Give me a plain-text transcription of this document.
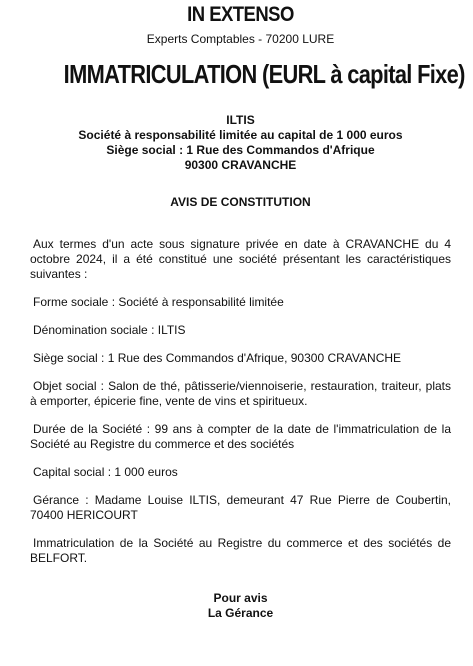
IN EXTENSO
Experts Comptables - 70200 LURE
IMMATRICULATION (EURL à capital Fixe)
ILTIS
Société à responsabilité limitée au capital de 1 000 euros
Siège social : 1 Rue des Commandos d'Afrique
90300 CRAVANCHE
AVIS DE CONSTITUTION

Aux termes d'un acte sous signature privée en date à CRAVANCHE du 4 octobre 2024, il a été constitué une société présentant les caractéristiques suivantes :

Forme sociale : Société à responsabilité limitée

Dénomination sociale : ILTIS

Siège social : 1 Rue des Commandos d'Afrique, 90300 CRAVANCHE

Objet social : Salon de thé, pâtisserie/viennoiserie, restauration, traiteur, plats à emporter, épicerie fine, vente de vins et spiritueux.

Durée de la Société : 99 ans à compter de la date de l'immatriculation de la Société au Registre du commerce et des sociétés

Capital social : 1 000 euros

Gérance : Madame Louise ILTIS, demeurant 47 Rue Pierre de Coubertin, 70400 HERICOURT

Immatriculation de la Société au Registre du commerce et des sociétés de BELFORT.

Pour avis
La Gérance
